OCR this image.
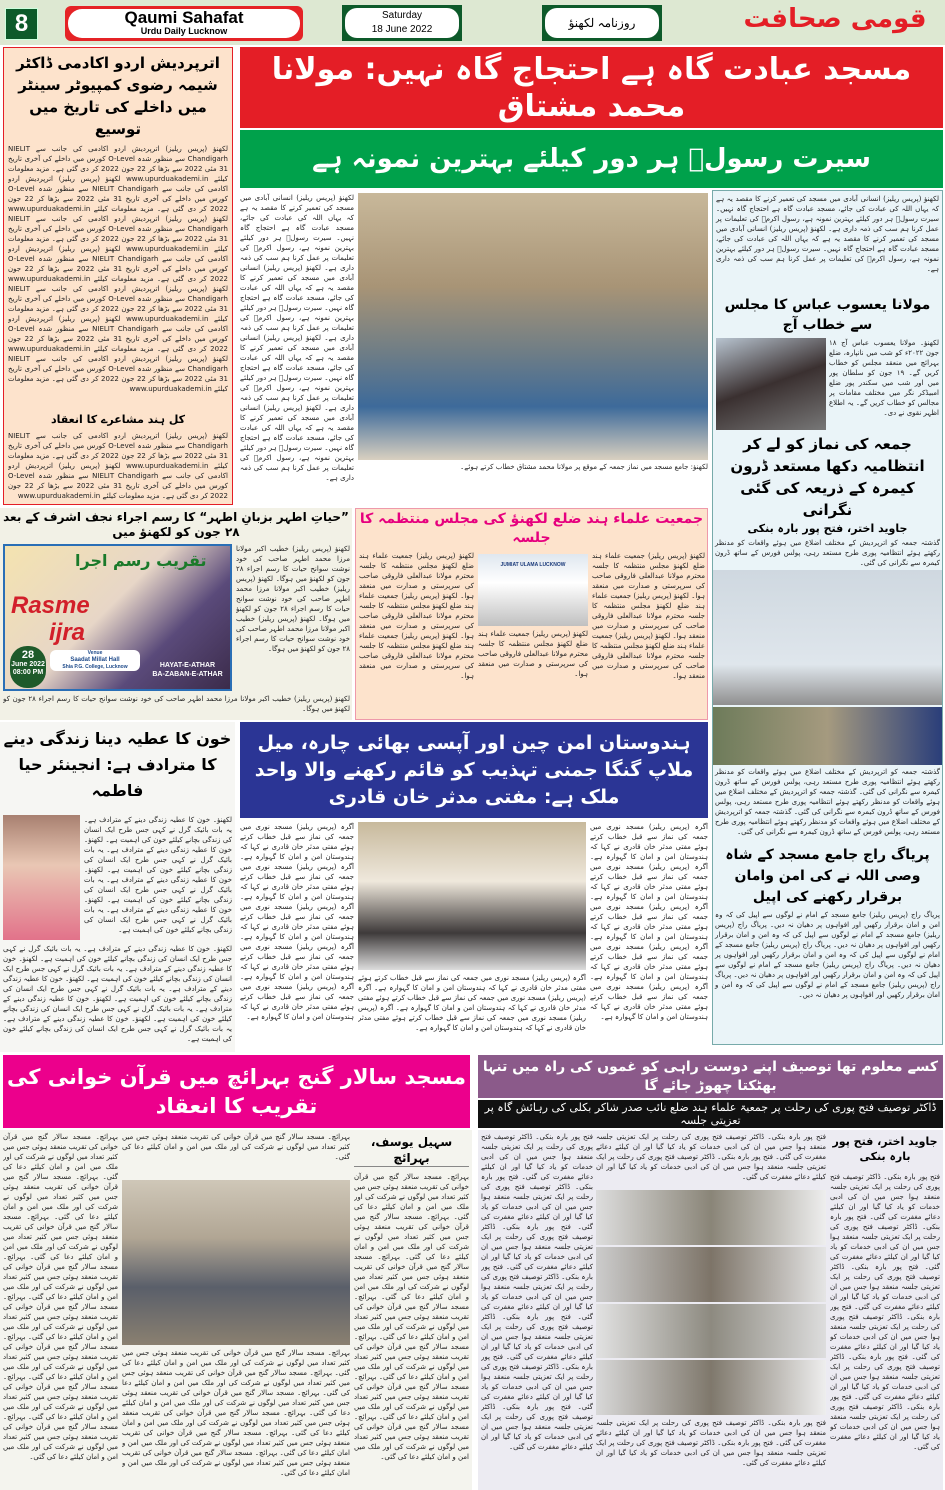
8	Qaumi Sahafat
Urdu Daily Lucknow
Saturday
18 June 2022	روزنامہ لکھنؤ	قومی صحافت
اترپردیش اردو اکادمی ڈاکٹر شیمہ رضوی کمپیوٹر سینٹر میں داخلے کی تاریخ میں توسیع
لکھنؤ (پریس ریلیز) اترپردیش اردو اکادمی کی جانب سے NIELIT Chandigarh سے منظور شدہ O-Level کورس میں داخلے کی آخری تاریخ 31 مئی 2022 سے بڑھا کر 22 جون 2022 کر دی گئی ہے۔ مزید معلومات کیلئے www.upurduakademi.in لکھنؤ (پریس ریلیز) اترپردیش اردو اکادمی کی جانب سے NIELIT Chandigarh سے منظور شدہ O-Level کورس میں داخلے کی آخری تاریخ 31 مئی 2022 سے بڑھا کر 22 جون 2022 کر دی گئی ہے۔ مزید معلومات کیلئے www.upurduakademi.in لکھنؤ (پریس ریلیز) اترپردیش اردو اکادمی کی جانب سے NIELIT Chandigarh سے منظور شدہ O-Level کورس میں داخلے کی آخری تاریخ 31 مئی 2022 سے بڑھا کر 22 جون 2022 کر دی گئی ہے۔ مزید معلومات کیلئے www.upurduakademi.in لکھنؤ (پریس ریلیز) اترپردیش اردو اکادمی کی جانب سے NIELIT Chandigarh سے منظور شدہ O-Level کورس میں داخلے کی آخری تاریخ 31 مئی 2022 سے بڑھا کر 22 جون 2022 کر دی گئی ہے۔ مزید معلومات کیلئے www.upurduakademi.in لکھنؤ (پریس ریلیز) اترپردیش اردو اکادمی کی جانب سے NIELIT Chandigarh سے منظور شدہ O-Level کورس میں داخلے کی آخری تاریخ 31 مئی 2022 سے بڑھا کر 22 جون 2022 کر دی گئی ہے۔ مزید معلومات کیلئے www.upurduakademi.in لکھنؤ (پریس ریلیز) اترپردیش اردو اکادمی کی جانب سے NIELIT Chandigarh سے منظور شدہ O-Level کورس میں داخلے کی آخری تاریخ 31 مئی 2022 سے بڑھا کر 22 جون 2022 کر دی گئی ہے۔ مزید معلومات کیلئے www.upurduakademi.in لکھنؤ (پریس ریلیز) اترپردیش اردو اکادمی کی جانب سے NIELIT Chandigarh سے منظور شدہ O-Level کورس میں داخلے کی آخری تاریخ 31 مئی 2022 سے بڑھا کر 22 جون 2022 کر دی گئی ہے۔ مزید معلومات کیلئے www.upurduakademi.in
کل ہند مشاعرے کا انعقاد
لکھنؤ (پریس ریلیز) اترپردیش اردو اکادمی کی جانب سے NIELIT Chandigarh سے منظور شدہ O-Level کورس میں داخلے کی آخری تاریخ 31 مئی 2022 سے بڑھا کر 22 جون 2022 کر دی گئی ہے۔ مزید معلومات کیلئے www.upurduakademi.in لکھنؤ (پریس ریلیز) اترپردیش اردو اکادمی کی جانب سے NIELIT Chandigarh سے منظور شدہ O-Level کورس میں داخلے کی آخری تاریخ 31 مئی 2022 سے بڑھا کر 22 جون 2022 کر دی گئی ہے۔ مزید معلومات کیلئے www.upurduakademi.in
مسجد عبادت گاہ ہے احتجاج گاہ نہیں: مولانا محمد مشتاق
سیرت رسولؐ ہر دور کیلئے بہترین نمونہ ہے
لکھنؤ (پریس ریلیز) انسانی آبادی میں مسجد کی تعمیر کرنے کا مقصد یہ ہے کہ یہاں اللہ کی عبادت کی جائے، مسجد عبادت گاہ ہے احتجاج گاہ نہیں۔ سیرت رسولؐ ہر دور کیلئے بہترین نمونہ ہے، رسول اکرمؐ کی تعلیمات پر عمل کرنا ہم سب کی ذمہ داری ہے۔ لکھنؤ (پریس ریلیز) انسانی آبادی میں مسجد کی تعمیر کرنے کا مقصد یہ ہے کہ یہاں اللہ کی عبادت کی جائے، مسجد عبادت گاہ ہے احتجاج گاہ نہیں۔ سیرت رسولؐ ہر دور کیلئے بہترین نمونہ ہے، رسول اکرمؐ کی تعلیمات پر عمل کرنا ہم سب کی ذمہ داری ہے۔ لکھنؤ (پریس ریلیز) انسانی آبادی میں مسجد کی تعمیر کرنے کا مقصد یہ ہے کہ یہاں اللہ کی عبادت کی جائے، مسجد عبادت گاہ ہے احتجاج گاہ نہیں۔ سیرت رسولؐ ہر دور کیلئے بہترین نمونہ ہے، رسول اکرمؐ کی تعلیمات پر عمل کرنا ہم سب کی ذمہ داری ہے۔ لکھنؤ (پریس ریلیز) انسانی آبادی میں مسجد کی تعمیر کرنے کا مقصد یہ ہے کہ یہاں اللہ کی عبادت کی جائے، مسجد عبادت گاہ ہے احتجاج گاہ نہیں۔ سیرت رسولؐ ہر دور کیلئے بہترین نمونہ ہے، رسول اکرمؐ کی تعلیمات پر عمل کرنا ہم سب کی ذمہ داری ہے۔
لکھنؤ: جامع مسجد میں نماز جمعہ کے موقع پر مولانا محمد مشتاق خطاب کرتے ہوئے۔
لکھنؤ (پریس ریلیز) انسانی آبادی میں مسجد کی تعمیر کرنے کا مقصد یہ ہے کہ یہاں اللہ کی عبادت کی جائے، مسجد عبادت گاہ ہے احتجاج گاہ نہیں۔ سیرت رسولؐ ہر دور کیلئے بہترین نمونہ ہے، رسول اکرمؐ کی تعلیمات پر عمل کرنا ہم سب کی ذمہ داری ہے۔ لکھنؤ (پریس ریلیز) انسانی آبادی میں مسجد کی تعمیر کرنے کا مقصد یہ ہے کہ یہاں اللہ کی عبادت کی جائے، مسجد عبادت گاہ ہے احتجاج گاہ نہیں۔ سیرت رسولؐ ہر دور کیلئے بہترین نمونہ ہے، رسول اکرمؐ کی تعلیمات پر عمل کرنا ہم سب کی ذمہ داری ہے۔
مولانا یعسوب عباس کا مجلس سے خطاب آج
لکھنؤ۔ مولانا یعسوب عباس آج ۱۸ جون ۲۰۲۲ء کو شب میں نانپارہ، ضلع بہرائچ میں منعقد مجلس کو خطاب کریں گے۔ ۱۹ جون کو سلطان پور میں اور شب میں سکندر پور ضلع امبیڈکر نگر میں مختلف مقامات پر مجالس کو خطاب کریں گے۔ یہ اطلاع اظہر نقوی نے دی۔
جمعہ کی نماز کو لے کر انتظامیہ دکھا مستعد ڈرون کیمرہ کے ذریعہ کی گئی نگرانی
جاوید اختر، فتح پور بارہ بنکی
گذشتہ جمعہ کو اترپردیش کے مختلف اضلاع میں ہوئے واقعات کو مدنظر رکھتے ہوئے انتظامیہ پوری طرح مستعد رہی، پولس فورس کے ساتھ ڈرون کیمرہ سے نگرانی کی گئی۔
گذشتہ جمعہ کو اترپردیش کے مختلف اضلاع میں ہوئے واقعات کو مدنظر رکھتے ہوئے انتظامیہ پوری طرح مستعد رہی، پولس فورس کے ساتھ ڈرون کیمرہ سے نگرانی کی گئی۔ گذشتہ جمعہ کو اترپردیش کے مختلف اضلاع میں ہوئے واقعات کو مدنظر رکھتے ہوئے انتظامیہ پوری طرح مستعد رہی، پولس فورس کے ساتھ ڈرون کیمرہ سے نگرانی کی گئی۔ گذشتہ جمعہ کو اترپردیش کے مختلف اضلاع میں ہوئے واقعات کو مدنظر رکھتے ہوئے انتظامیہ پوری طرح مستعد رہی، پولس فورس کے ساتھ ڈرون کیمرہ سے نگرانی کی گئی۔
پریاگ راج جامع مسجد کے شاہ وصی اللہ نے کی امن وامان برقرار رکھنے کی اپیل
پریاگ راج (پریس ریلیز) جامع مسجد کے امام نے لوگوں سے اپیل کی کہ وہ امن و امان برقرار رکھیں اور افواہوں پر دھیان نہ دیں۔ پریاگ راج (پریس ریلیز) جامع مسجد کے امام نے لوگوں سے اپیل کی کہ وہ امن و امان برقرار رکھیں اور افواہوں پر دھیان نہ دیں۔ پریاگ راج (پریس ریلیز) جامع مسجد کے امام نے لوگوں سے اپیل کی کہ وہ امن و امان برقرار رکھیں اور افواہوں پر دھیان نہ دیں۔ پریاگ راج (پریس ریلیز) جامع مسجد کے امام نے لوگوں سے اپیل کی کہ وہ امن و امان برقرار رکھیں اور افواہوں پر دھیان نہ دیں۔ پریاگ راج (پریس ریلیز) جامع مسجد کے امام نے لوگوں سے اپیل کی کہ وہ امن و امان برقرار رکھیں اور افواہوں پر دھیان نہ دیں۔
”حیاتِ اطہر بزبانِ اطہر“ کا رسم اجراء نجف اشرف کے بعد ۲۸ جون کو لکھنؤ میں
تقریب رسم اجرا
Rasme
ijra
28
June 2022
08:00 PM
Venue
Saadat Millat Hall
Shia P.G. College, Lucknow	HAYAT-E-ATHAR
BA-ZABAN-E-ATHAR
لکھنؤ (پریس ریلیز) خطیب اکبر مولانا مرزا محمد اطہر صاحب کی خود نوشت سوانح حیات کا رسم اجراء ۲۸ جون کو لکھنؤ میں ہوگا۔ لکھنؤ (پریس ریلیز) خطیب اکبر مولانا مرزا محمد اطہر صاحب کی خود نوشت سوانح حیات کا رسم اجراء ۲۸ جون کو لکھنؤ میں ہوگا۔ لکھنؤ (پریس ریلیز) خطیب اکبر مولانا مرزا محمد اطہر صاحب کی خود نوشت سوانح حیات کا رسم اجراء ۲۸ جون کو لکھنؤ میں ہوگا۔
لکھنؤ (پریس ریلیز) خطیب اکبر مولانا مرزا محمد اطہر صاحب کی خود نوشت سوانح حیات کا رسم اجراء ۲۸ جون کو لکھنؤ میں ہوگا۔
جمعیت علماء ہند ضلع لکھنؤ کی مجلس منتظمہ کا جلسہ
لکھنؤ (پریس ریلیز) جمعیت علماء ہند ضلع لکھنؤ مجلس منتظمہ کا جلسہ محترم مولانا عبدالعلی فاروقی صاحب کی سرپرستی و صدارت میں منعقد ہوا۔ لکھنؤ (پریس ریلیز) جمعیت علماء ہند ضلع لکھنؤ مجلس منتظمہ کا جلسہ محترم مولانا عبدالعلی فاروقی صاحب کی سرپرستی و صدارت میں منعقد ہوا۔ لکھنؤ (پریس ریلیز) جمعیت علماء ہند ضلع لکھنؤ مجلس منتظمہ کا جلسہ محترم مولانا عبدالعلی فاروقی صاحب کی سرپرستی و صدارت میں منعقد ہوا۔
JUMIAT ULAMA LUCKNOW
لکھنؤ (پریس ریلیز) جمعیت علماء ہند ضلع لکھنؤ مجلس منتظمہ کا جلسہ محترم مولانا عبدالعلی فاروقی صاحب کی سرپرستی و صدارت میں منعقد ہوا۔ لکھنؤ (پریس ریلیز) جمعیت علماء ہند ضلع لکھنؤ مجلس منتظمہ کا جلسہ محترم مولانا عبدالعلی فاروقی صاحب کی سرپرستی و صدارت میں منعقد ہوا۔ لکھنؤ (پریس ریلیز) جمعیت علماء ہند ضلع لکھنؤ مجلس منتظمہ کا جلسہ محترم مولانا عبدالعلی فاروقی صاحب کی سرپرستی و صدارت میں منعقد ہوا۔
لکھنؤ (پریس ریلیز) جمعیت علماء ہند ضلع لکھنؤ مجلس منتظمہ کا جلسہ محترم مولانا عبدالعلی فاروقی صاحب کی سرپرستی و صدارت میں منعقد ہوا۔
خون کا عطیہ دینا زندگی دینے کا مترادف ہے: انجینئر حیا فاطمہ
لکھنؤ۔ خون کا عطیہ زندگی دینے کے مترادف ہے۔ یہ بات بائیک گرل نے کہی جس طرح ایک انسان کی زندگی بچانے کیلئے خون کی اہمیت ہے۔ لکھنؤ۔ خون کا عطیہ زندگی دینے کے مترادف ہے۔ یہ بات بائیک گرل نے کہی جس طرح ایک انسان کی زندگی بچانے کیلئے خون کی اہمیت ہے۔ لکھنؤ۔ خون کا عطیہ زندگی دینے کے مترادف ہے۔ یہ بات بائیک گرل نے کہی جس طرح ایک انسان کی زندگی بچانے کیلئے خون کی اہمیت ہے۔ لکھنؤ۔ خون کا عطیہ زندگی دینے کے مترادف ہے۔ یہ بات بائیک گرل نے کہی جس طرح ایک انسان کی زندگی بچانے کیلئے خون کی اہمیت ہے۔
لکھنؤ۔ خون کا عطیہ زندگی دینے کے مترادف ہے۔ یہ بات بائیک گرل نے کہی جس طرح ایک انسان کی زندگی بچانے کیلئے خون کی اہمیت ہے۔ لکھنؤ۔ خون کا عطیہ زندگی دینے کے مترادف ہے۔ یہ بات بائیک گرل نے کہی جس طرح ایک انسان کی زندگی بچانے کیلئے خون کی اہمیت ہے۔ لکھنؤ۔ خون کا عطیہ زندگی دینے کے مترادف ہے۔ یہ بات بائیک گرل نے کہی جس طرح ایک انسان کی زندگی بچانے کیلئے خون کی اہمیت ہے۔ لکھنؤ۔ خون کا عطیہ زندگی دینے کے مترادف ہے۔ یہ بات بائیک گرل نے کہی جس طرح ایک انسان کی زندگی بچانے کیلئے خون کی اہمیت ہے۔ لکھنؤ۔ خون کا عطیہ زندگی دینے کے مترادف ہے۔ یہ بات بائیک گرل نے کہی جس طرح ایک انسان کی زندگی بچانے کیلئے خون کی اہمیت ہے۔
ہندوستان امن چین اور آپسی بھائی چارہ، میل ملاپ گنگا جمنی تہذیب کو قائم رکھنے والا واحد ملک ہے: مفتی مدثر خان قادری
آگرہ (پریس ریلیز) مسجد نوری میں جمعہ کی نماز سے قبل خطاب کرتے ہوئے مفتی مدثر خان قادری نے کہا کہ ہندوستان امن و امان کا گہوارہ ہے۔ آگرہ (پریس ریلیز) مسجد نوری میں جمعہ کی نماز سے قبل خطاب کرتے ہوئے مفتی مدثر خان قادری نے کہا کہ ہندوستان امن و امان کا گہوارہ ہے۔ آگرہ (پریس ریلیز) مسجد نوری میں جمعہ کی نماز سے قبل خطاب کرتے ہوئے مفتی مدثر خان قادری نے کہا کہ ہندوستان امن و امان کا گہوارہ ہے۔ آگرہ (پریس ریلیز) مسجد نوری میں جمعہ کی نماز سے قبل خطاب کرتے ہوئے مفتی مدثر خان قادری نے کہا کہ ہندوستان امن و امان کا گہوارہ ہے۔ آگرہ (پریس ریلیز) مسجد نوری میں جمعہ کی نماز سے قبل خطاب کرتے ہوئے مفتی مدثر خان قادری نے کہا کہ ہندوستان امن و امان کا گہوارہ ہے۔
آگرہ (پریس ریلیز) مسجد نوری میں جمعہ کی نماز سے قبل خطاب کرتے ہوئے مفتی مدثر خان قادری نے کہا کہ ہندوستان امن و امان کا گہوارہ ہے۔ آگرہ (پریس ریلیز) مسجد نوری میں جمعہ کی نماز سے قبل خطاب کرتے ہوئے مفتی مدثر خان قادری نے کہا کہ ہندوستان امن و امان کا گہوارہ ہے۔ آگرہ (پریس ریلیز) مسجد نوری میں جمعہ کی نماز سے قبل خطاب کرتے ہوئے مفتی مدثر خان قادری نے کہا کہ ہندوستان امن و امان کا گہوارہ ہے۔ آگرہ (پریس ریلیز) مسجد نوری میں جمعہ کی نماز سے قبل خطاب کرتے ہوئے مفتی مدثر خان قادری نے کہا کہ ہندوستان امن و امان کا گہوارہ ہے۔ آگرہ (پریس ریلیز) مسجد نوری میں جمعہ کی نماز سے قبل خطاب کرتے ہوئے مفتی مدثر خان قادری نے کہا کہ ہندوستان امن و امان کا گہوارہ ہے۔
آگرہ (پریس ریلیز) مسجد نوری میں جمعہ کی نماز سے قبل خطاب کرتے ہوئے مفتی مدثر خان قادری نے کہا کہ ہندوستان امن و امان کا گہوارہ ہے۔ آگرہ (پریس ریلیز) مسجد نوری میں جمعہ کی نماز سے قبل خطاب کرتے ہوئے مفتی مدثر خان قادری نے کہا کہ ہندوستان امن و امان کا گہوارہ ہے۔ آگرہ (پریس ریلیز) مسجد نوری میں جمعہ کی نماز سے قبل خطاب کرتے ہوئے مفتی مدثر خان قادری نے کہا کہ ہندوستان امن و امان کا گہوارہ ہے۔
مسجد سالار گنج بہرائچ میں قرآن خوانی کی تقریب کا انعقاد
سہیل یوسف، بہرائچ
بہرائچ۔ مسجد سالار گنج میں قرآن خوانی کی تقریب منعقد ہوئی جس میں کثیر تعداد میں لوگوں نے شرکت کی اور ملک میں امن و امان کیلئے دعا کی گئی۔ بہرائچ۔ مسجد سالار گنج میں قرآن خوانی کی تقریب منعقد ہوئی جس میں کثیر تعداد میں لوگوں نے شرکت کی اور ملک میں امن و امان کیلئے دعا کی گئی۔ بہرائچ۔ مسجد سالار گنج میں قرآن خوانی کی تقریب منعقد ہوئی جس میں کثیر تعداد میں لوگوں نے شرکت کی اور ملک میں امن و امان کیلئے دعا کی گئی۔ بہرائچ۔ مسجد سالار گنج میں قرآن خوانی کی تقریب منعقد ہوئی جس میں کثیر تعداد میں لوگوں نے شرکت کی اور ملک میں امن و امان کیلئے دعا کی گئی۔ بہرائچ۔ مسجد سالار گنج میں قرآن خوانی کی تقریب منعقد ہوئی جس میں کثیر تعداد میں لوگوں نے شرکت کی اور ملک میں امن و امان کیلئے دعا کی گئی۔ بہرائچ۔ مسجد سالار گنج میں قرآن خوانی کی تقریب منعقد ہوئی جس میں کثیر تعداد میں لوگوں نے شرکت کی اور ملک میں امن و امان کیلئے دعا کی گئی۔ بہرائچ۔ مسجد سالار گنج میں قرآن خوانی کی تقریب منعقد ہوئی جس میں کثیر تعداد میں لوگوں نے شرکت کی اور ملک میں امن و امان کیلئے دعا کی گئی۔
بہرائچ۔ مسجد سالار گنج میں قرآن خوانی کی تقریب منعقد ہوئی جس میں کثیر تعداد میں لوگوں نے شرکت کی اور ملک میں امن و امان کیلئے دعا کی گئی۔
بہرائچ۔ مسجد سالار گنج میں قرآن خوانی کی تقریب منعقد ہوئی جس میں کثیر تعداد میں لوگوں نے شرکت کی اور ملک میں امن و امان کیلئے دعا کی گئی۔ بہرائچ۔ مسجد سالار گنج میں قرآن خوانی کی تقریب منعقد ہوئی جس میں کثیر تعداد میں لوگوں نے شرکت کی اور ملک میں امن و امان کیلئے دعا کی گئی۔ بہرائچ۔ مسجد سالار گنج میں قرآن خوانی کی تقریب منعقد ہوئی جس میں کثیر تعداد میں لوگوں نے شرکت کی اور ملک میں امن و امان کیلئے دعا کی گئی۔ بہرائچ۔ مسجد سالار گنج میں قرآن خوانی کی تقریب منعقد ہوئی جس میں کثیر تعداد میں لوگوں نے شرکت کی اور ملک میں امن و امان کیلئے دعا کی گئی۔ بہرائچ۔ مسجد سالار گنج میں قرآن خوانی کی تقریب منعقد ہوئی جس میں کثیر تعداد میں لوگوں نے شرکت کی اور ملک میں امن و امان کیلئے دعا کی گئی۔ بہرائچ۔ مسجد سالار گنج میں قرآن خوانی کی تقریب منعقد ہوئی جس میں کثیر تعداد میں لوگوں نے شرکت کی اور ملک میں امن و امان کیلئے دعا کی گئی۔
بہرائچ۔ مسجد سالار گنج میں قرآن خوانی کی تقریب منعقد ہوئی جس میں کثیر تعداد میں لوگوں نے شرکت کی اور ملک میں امن و امان کیلئے دعا کی گئی۔ بہرائچ۔ مسجد سالار گنج میں قرآن خوانی کی تقریب منعقد ہوئی جس میں کثیر تعداد میں لوگوں نے شرکت کی اور ملک میں امن و امان کیلئے دعا کی گئی۔ بہرائچ۔ مسجد سالار گنج میں قرآن خوانی کی تقریب منعقد ہوئی جس میں کثیر تعداد میں لوگوں نے شرکت کی اور ملک میں امن و امان کیلئے دعا کی گئی۔ بہرائچ۔ مسجد سالار گنج میں قرآن خوانی کی تقریب منعقد ہوئی جس میں کثیر تعداد میں لوگوں نے شرکت کی اور ملک میں امن و امان کیلئے دعا کی گئی۔ بہرائچ۔ مسجد سالار گنج میں قرآن خوانی کی تقریب منعقد ہوئی جس میں کثیر تعداد میں لوگوں نے شرکت کی اور ملک میں امن و امان کیلئے دعا کی گئی۔ بہرائچ۔ مسجد سالار گنج میں قرآن خوانی کی تقریب منعقد ہوئی جس میں کثیر تعداد میں لوگوں نے شرکت کی اور ملک میں امن و امان کیلئے دعا کی گئی۔ بہرائچ۔ مسجد سالار گنج میں قرآن خوانی کی تقریب منعقد ہوئی جس میں کثیر تعداد میں لوگوں نے شرکت کی اور ملک میں امن و امان کیلئے دعا کی گئی۔ بہرائچ۔ مسجد سالار گنج میں قرآن خوانی کی تقریب منعقد ہوئی جس میں کثیر تعداد میں لوگوں نے شرکت کی اور ملک میں امن و امان کیلئے دعا کی گئی۔
کسے معلوم تھا توصیف اپنے دوست راہی کو غموں کی راہ میں تنہا بھٹکتا چھوڑ جائے گا
ڈاکٹر توصیف فتح پوری کی رحلت پر جمعیۃ علماء ہند ضلع نائب صدر شاکر بکلی کی رہائش گاہ پر تعزیتی جلسہ
جاوید اختر، فتح پور بارہ بنکی
فتح پور بارہ بنکی۔ ڈاکٹر توصیف فتح پوری کی رحلت پر ایک تعزیتی جلسہ منعقد ہوا جس میں ان کی ادبی خدمات کو یاد کیا گیا اور ان کیلئے دعائے مغفرت کی گئی۔ فتح پور بارہ بنکی۔ ڈاکٹر توصیف فتح پوری کی رحلت پر ایک تعزیتی جلسہ منعقد ہوا جس میں ان کی ادبی خدمات کو یاد کیا گیا اور ان کیلئے دعائے مغفرت کی گئی۔ فتح پور بارہ بنکی۔ ڈاکٹر توصیف فتح پوری کی رحلت پر ایک تعزیتی جلسہ منعقد ہوا جس میں ان کی ادبی خدمات کو یاد کیا گیا اور ان کیلئے دعائے مغفرت کی گئی۔ فتح پور بارہ بنکی۔ ڈاکٹر توصیف فتح پوری کی رحلت پر ایک تعزیتی جلسہ منعقد ہوا جس میں ان کی ادبی خدمات کو یاد کیا گیا اور ان کیلئے دعائے مغفرت کی گئی۔ فتح پور بارہ بنکی۔ ڈاکٹر توصیف فتح پوری کی رحلت پر ایک تعزیتی جلسہ منعقد ہوا جس میں ان کی ادبی خدمات کو یاد کیا گیا اور ان کیلئے دعائے مغفرت کی گئی۔ فتح پور بارہ بنکی۔ ڈاکٹر توصیف فتح پوری کی رحلت پر ایک تعزیتی جلسہ منعقد ہوا جس میں ان کی ادبی خدمات کو یاد کیا گیا اور ان کیلئے دعائے مغفرت کی گئی۔
فتح پور بارہ بنکی۔ ڈاکٹر توصیف فتح پوری کی رحلت پر ایک تعزیتی جلسہ منعقد ہوا جس میں ان کی ادبی خدمات کو یاد کیا گیا اور ان کیلئے دعائے مغفرت کی گئی۔ فتح پور بارہ بنکی۔ ڈاکٹر توصیف فتح پوری کی رحلت پر ایک تعزیتی جلسہ منعقد ہوا جس میں ان کی ادبی خدمات کو یاد کیا گیا اور ان کیلئے دعائے مغفرت کی گئی۔
فتح پور بارہ بنکی۔ ڈاکٹر توصیف فتح پوری کی رحلت پر ایک تعزیتی جلسہ منعقد ہوا جس میں ان کی ادبی خدمات کو یاد کیا گیا اور ان کیلئے دعائے مغفرت کی گئی۔ فتح پور بارہ بنکی۔ ڈاکٹر توصیف فتح پوری کی رحلت پر ایک تعزیتی جلسہ منعقد ہوا جس میں ان کی ادبی خدمات کو یاد کیا گیا اور ان کیلئے دعائے مغفرت کی گئی۔
فتح پور بارہ بنکی۔ ڈاکٹر توصیف فتح پوری کی رحلت پر ایک تعزیتی جلسہ منعقد ہوا جس میں ان کی ادبی خدمات کو یاد کیا گیا اور ان کیلئے دعائے مغفرت کی گئی۔ فتح پور بارہ بنکی۔ ڈاکٹر توصیف فتح پوری کی رحلت پر ایک تعزیتی جلسہ منعقد ہوا جس میں ان کی ادبی خدمات کو یاد کیا گیا اور ان کیلئے دعائے مغفرت کی گئی۔ فتح پور بارہ بنکی۔ ڈاکٹر توصیف فتح پوری کی رحلت پر ایک تعزیتی جلسہ منعقد ہوا جس میں ان کی ادبی خدمات کو یاد کیا گیا اور ان کیلئے دعائے مغفرت کی گئی۔ فتح پور بارہ بنکی۔ ڈاکٹر توصیف فتح پوری کی رحلت پر ایک تعزیتی جلسہ منعقد ہوا جس میں ان کی ادبی خدمات کو یاد کیا گیا اور ان کیلئے دعائے مغفرت کی گئی۔ فتح پور بارہ بنکی۔ ڈاکٹر توصیف فتح پوری کی رحلت پر ایک تعزیتی جلسہ منعقد ہوا جس میں ان کی ادبی خدمات کو یاد کیا گیا اور ان کیلئے دعائے مغفرت کی گئی۔ فتح پور بارہ بنکی۔ ڈاکٹر توصیف فتح پوری کی رحلت پر ایک تعزیتی جلسہ منعقد ہوا جس میں ان کی ادبی خدمات کو یاد کیا گیا اور ان کیلئے دعائے مغفرت کی گئی۔ فتح پور بارہ بنکی۔ ڈاکٹر توصیف فتح پوری کی رحلت پر ایک تعزیتی جلسہ منعقد ہوا جس میں ان کی ادبی خدمات کو یاد کیا گیا اور ان کیلئے دعائے مغفرت کی گئی۔
